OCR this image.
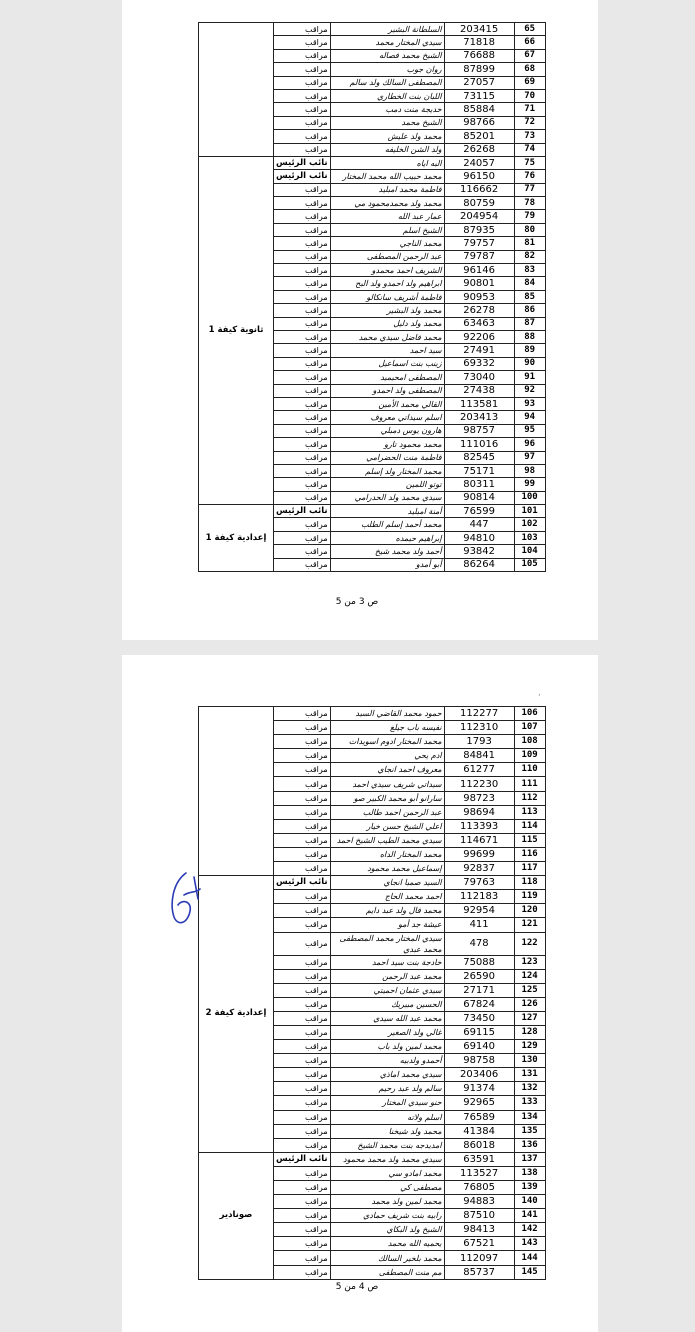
	مراقب	السلطانة البشير	203415	65
	مراقب	سيدي المختار محمد	71818	66
	مراقب	الشيخ محمد فصاله	76688	67
	مراقب	روان جوب	87899	68
	مراقب	المصطفى السالك ولد سالم	27057	69
	مراقب	اللبان بنت الخطاري	73115	70
	مراقب	خديجة منت دمب	85884	71
	مراقب	الشيخ محمد	98766	72
	مراقب	محمد ولد عليش	85201	73
	مراقب	ولد الشن الخليفه	26268	74
ثانوية كيفة 1	نائب الرئيس	البه اياه	24057	75
	نائب الرئيس	محمد حبيب الله محمد المختار	96150	76
	مراقب	فاطمة محمد امبليد	116662	77
	مراقب	محمد ولد محمدمحمود مي	80759	78
	مراقب	عمار عبد الله	204954	79
	مراقب	الشيخ اسلم	87935	80
	مراقب	محمد الناجي	79757	81
	مراقب	عبد الرحمن المصطفى	79787	82
	مراقب	الشريف احمد محمدو	96146	83
	مراقب	ابراهيم ولد احمدو ولد البح	90801	84
	مراقب	فاطمة أشريف سانكالو	90953	85
	مراقب	محمد ولد البشير	26278	86
	مراقب	محمد ولد دليل	63463	87
	مراقب	محمد فاضل سيدي محمد	92206	88
	مراقب	سيد احمد	27491	89
	مراقب	زينب بنت اسماعيل	69332	90
	مراقب	المصطفى امحيميد	73040	91
	مراقب	المصطفى ولد احمدو	27438	92
	مراقب	القالي محمد الأمين	113581	93
	مراقب	اسلم سيداتي معروف	203413	94
	مراقب	هارون يوس دمبلي	98757	95
	مراقب	محمد محمود تارو	111016	96
	مراقب	فاطمة منت الحضرامي	82545	97
	مراقب	محمد المختار ولد إسلم	75171	98
	مراقب	توتو اللمين	80311	99
	مراقب	سيدي محمد ولد الحدرامي	90814	100
إعدادية كيفة 1	نائب الرئيس	أمنة امبليد	76599	101
	مراقب	محمد أحمد إسلم الطلب	447	102
	مراقب	إبراهيم حيمده	94810	103
	مراقب	أحمد ولد محمد شيخ	93842	104
	مراقب	أبو أمدو	86264	105
ص 3 من 5
,
	مراقب	حمود محمد القاضي السيد	112277	106
	مراقب	نفيسه باب جيلغ	112310	107
	مراقب	محمد المختار ادوم اسويدات	1793	108
	مراقب	ادم يحي	84841	109
	مراقب	معروف احمد انجاي	61277	110
	مراقب	سيداتي شريف سيدي احمد	112230	111
	مراقب	سارانو أبو محمد الكبير صو	98723	112
	مراقب	عبد الرحمن احمد طالب	98694	113
	مراقب	اعلي الشيخ حسن خيار	113393	114
	مراقب	سيدي محمد الطيب الشيخ احمد	114671	115
	مراقب	محمد المختار الداه	99699	116
	مراقب	إسماعيل محمد محمود	92837	117
إعدادية كيفة 2	نائب الرئيس	السيد صمبا انجاي	79763	118
	مراقب	احمد محمد الحاج	112183	119
	مراقب	محمد فال ولد عبد دايم	92954	120
	مراقب	عيشة جد أمو	411	121
	مراقب	سيدي المختار محمد المصطفى محمد عبدي	478	122
	مراقب	خادجة بنت سيد احمد	75088	123
	مراقب	محمد عبد الرحمن	26590	124
	مراقب	سيدي عثمان احميتي	27171	125
	مراقب	الحسين مبيريك	67824	126
	مراقب	محمد عبد الله سيدي	73450	127
	مراقب	غالي ولد الصغير	69115	128
	مراقب	محمد لمين ولد باب	69140	129
	مراقب	أحمدو ولدبيه	98758	130
	مراقب	سيدي محمد اماذي	203406	131
	مراقب	سالم ولد عبد رحيم	91374	132
	مراقب	حنو سيدي المختار	92965	133
	مراقب	اسلم ولاته	76589	134
	مراقب	محمد ولد شيخنا	41384	135
	مراقب	امديدجه بنت محمد الشيخ	86018	136
صونادير	نائب الرئيس	سيدي محمد ولد محمد محمود	63591	137
	مراقب	محمد امادو سي	113527	138
	مراقب	مصطفى كي	76805	139
	مراقب	محمد لمين ولد محمد	94883	140
	مراقب	رابيه بنت شريف حمادي	87510	141
	مراقب	الشيخ ولد البكاي	98413	142
	مراقب	يحميه الله محمد	67521	143
	مراقب	محمد بلخير السالك	112097	144
	مراقب	مم منت المصطفى	85737	145
ص 4 من 5
